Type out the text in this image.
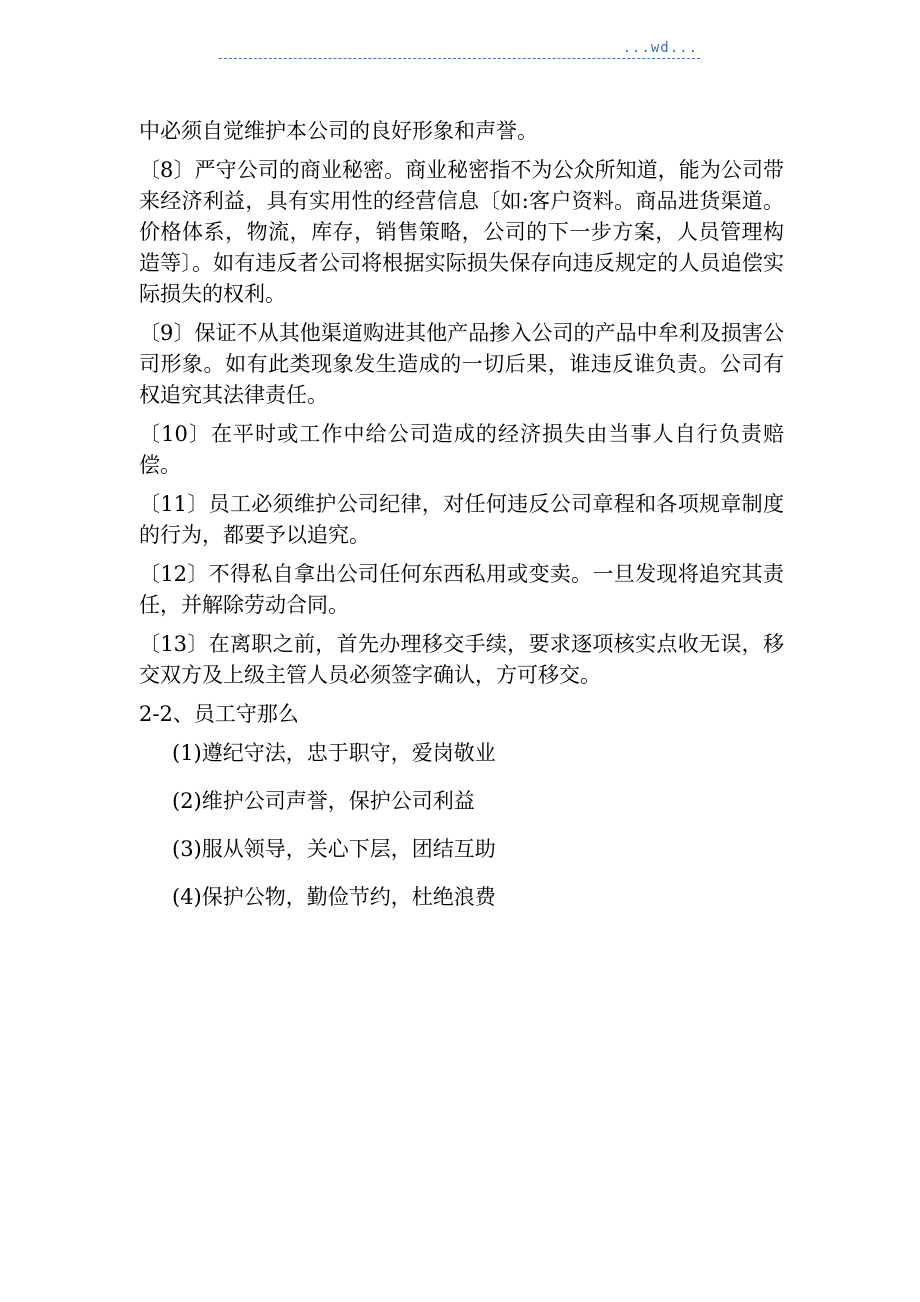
...wd...

中必须自觉维护本公司的良好形象和声誉。

〔8〕严守公司的商业秘密。商业秘密指不为公众所知道，能为公司带来经济利益，具有实用性的经营信息〔如:客户资料。商品进货渠道。价格体系，物流，库存，销售策略，公司的下一步方案，人员管理构造等〕。如有违反者公司将根据实际损失保存向违反规定的人员追偿实际损失的权利。

〔9〕保证不从其他渠道购进其他产品掺入公司的产品中牟利及损害公司形象。如有此类现象发生造成的一切后果，谁违反谁负责。公司有权追究其法律责任。

〔10〕在平时或工作中给公司造成的经济损失由当事人自行负责赔偿。

〔11〕员工必须维护公司纪律，对任何违反公司章程和各项规章制度的行为，都要予以追究。

〔12〕不得私自拿出公司任何东西私用或变卖。一旦发现将追究其责任，并解除劳动合同。

〔13〕在离职之前，首先办理移交手续，要求逐项核实点收无误，移交双方及上级主管人员必须签字确认，方可移交。

2-2、员工守那么

(1)遵纪守法，忠于职守，爱岗敬业
(2)维护公司声誉，保护公司利益
(3)服从领导，关心下层，团结互助
(4)保护公物，勤俭节约，杜绝浪费
